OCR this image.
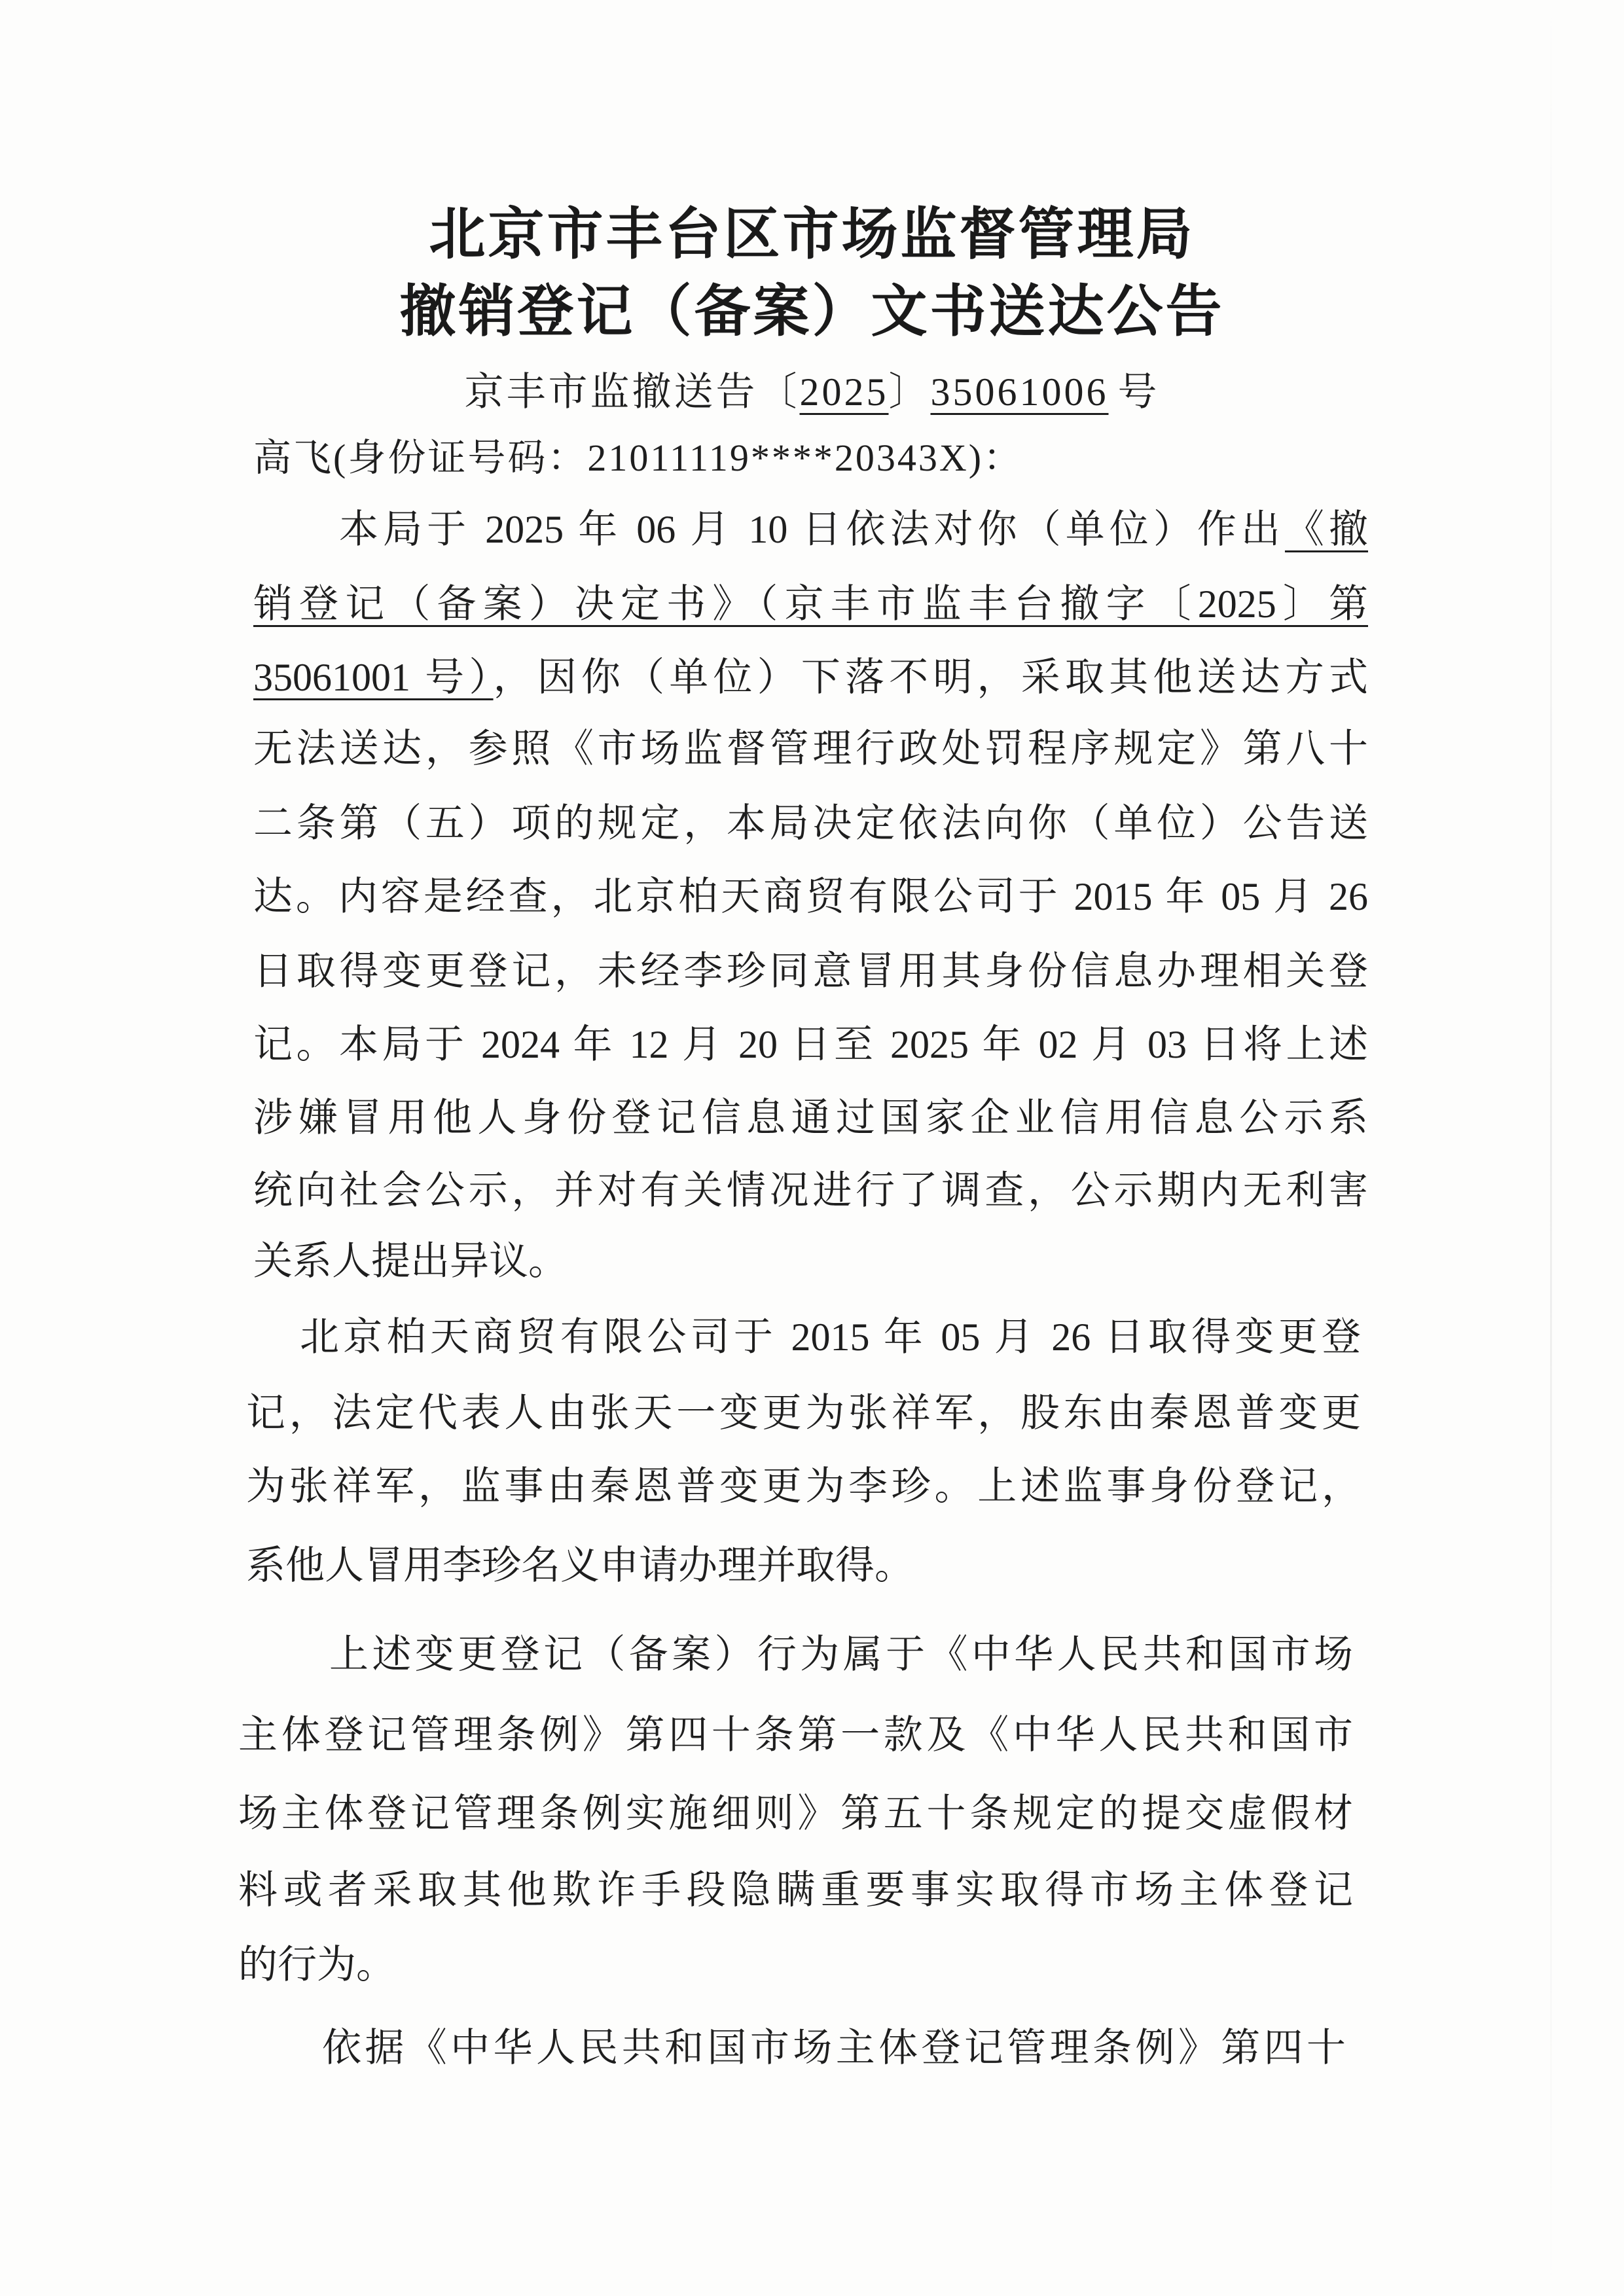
北京市丰台区市场监督管理局
撤销登记（备案）文书送达公告
京丰市监撤送告〔2025〕35061006 号
高飞(身份证号码：21011119****20343X)：
本局于 2025 年 06 月 10 日依法对你（单位）作出《撤
销登记（备案）决定书》（京丰市监丰台撤字〔2025〕第
35061001 号），因你（单位）下落不明，采取其他送达方式
无法送达，参照《市场监督管理行政处罚程序规定》第八十
二条第（五）项的规定，本局决定依法向你（单位）公告送
达。内容是经查，北京柏天商贸有限公司于 2015 年 05 月 26
日取得变更登记，未经李珍同意冒用其身份信息办理相关登
记。本局于 2024 年 12 月 20 日至 2025 年 02 月 03 日将上述
涉嫌冒用他人身份登记信息通过国家企业信用信息公示系
统向社会公示，并对有关情况进行了调查，公示期内无利害
关系人提出异议。
北京柏天商贸有限公司于 2015 年 05 月 26 日取得变更登
记，法定代表人由张天一变更为张祥军，股东由秦恩普变更
为张祥军，监事由秦恩普变更为李珍。上述监事身份登记，
系他人冒用李珍名义申请办理并取得。
上述变更登记（备案）行为属于《中华人民共和国市场
主体登记管理条例》第四十条第一款及《中华人民共和国市
场主体登记管理条例实施细则》第五十条规定的提交虚假材
料或者采取其他欺诈手段隐瞒重要事实取得市场主体登记
的行为。
依据《中华人民共和国市场主体登记管理条例》第四十
